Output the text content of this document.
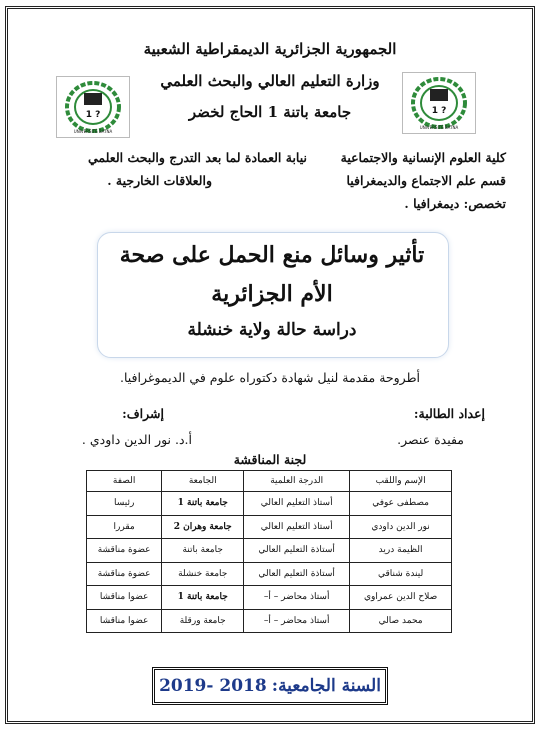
الجمهورية الجزائرية الديمقراطية الشعبية
وزارة التعليم العالي والبحث العلمي
جامعة باتنة 1 الحاج لخضر
1 ?
UNIVERSITE BATNA
1 ?
UNIVERSITE BATNA
كلية العلوم الإنسانية والاجتماعية
قسم علم الاجتماع والديمغرافيا
تخصص: ديمغرافيا .
نيابة العمادة لما بعد التدرج والبحث العلمي
والعلاقات الخارجية .
تأثير وسائل منع الحمل على صحة
الأم الجزائرية
دراسة حالة ولاية خنشلة
أطروحة مقدمة لنيل شهادة دكتوراه علوم في الديموغرافيا.
إعداد الطالبة:
مفيدة عنصر.
إشراف:
أ.د. نور الدين داودي .
لجنة المناقشة
الإسم واللقب	الدرجة العلمية	الجامعة	الصفة
مصطفى عوفي	أستاذ التعليم العالي	جامعة باتنة 1	رئيسا
نور الدين داودي	أستاذ التعليم العالي	جامعة وهران 2	مقررا
الظيمة دريد	أستاذة التعليم العالي	جامعة باتنة	عضوة مناقشة
ليندة شناقي	أستاذة التعليم العالي	جامعة خنشلة	عضوة مناقشة
صلاح الدين عمراوي	أستاذ محاضر – أ–	جامعة باتنة 1	عضوا مناقشا
محمد صالي	أستاذ محاضر – أ–	جامعة ورقلة	عضوا مناقشا
السنة الجامعية: 2018 -2019
